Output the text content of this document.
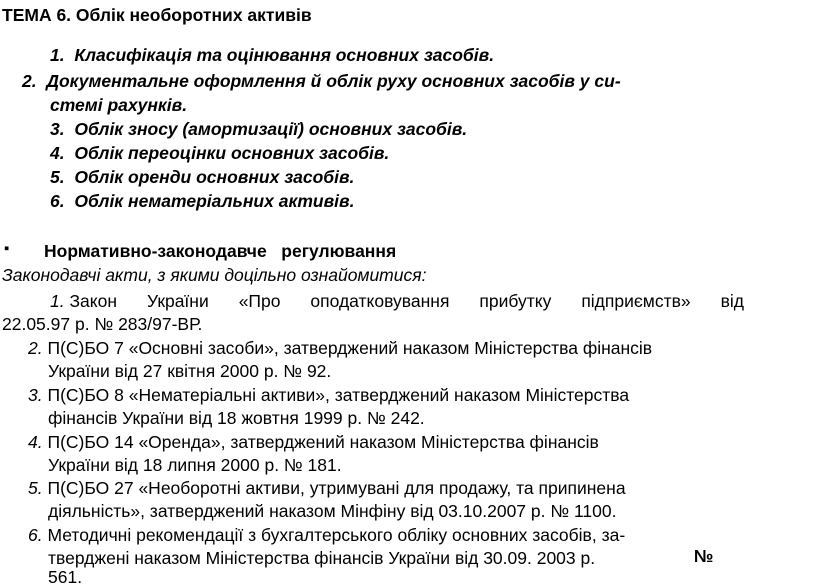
ТЕМА 6. Облік необоротних активів
1. Класифікація та оцінювання основних засобів.
2. Документальне оформлення й облік руху основних засобів у си-
стемі рахунків.
3. Облік зносу (амортизації) основних засобів.
4. Облік переоцінки основних засобів.
5. Облік оренди основних засобів.
6. Облік нематеріальних активів.
▪ Нормативно-законодавче   регулювання
Законодавчі акти, з якими доцільно ознайомитися:
1. Закон України «Про оподатковування прибутку підприємств» від
22.05.97 р. № 283/97-ВР.
2. П(С)БО 7 «Основні засоби», затверджений наказом Міністерства фінансів
України від 27 квітня 2000 р. № 92.
3. П(С)БО 8 «Нематеріальні активи», затверджений наказом Міністерства
фінансів України від 18 жовтня 1999 р. № 242.
4. П(С)БО 14 «Оренда», затверджений наказом Міністерства фінансів
України від 18 липня 2000 р. № 181.
5. П(С)БО 27 «Необоротні активи, утримувані для продажу, та припинена
діяльність», затверджений наказом Мінфіну від 03.10.2007 р. № 1100.
6. Методичні рекомендації з бухгалтерського обліку основних засобів, за-
тверджені наказом Міністерства фінансів України від 30.09. 2003 р.	№
561.
